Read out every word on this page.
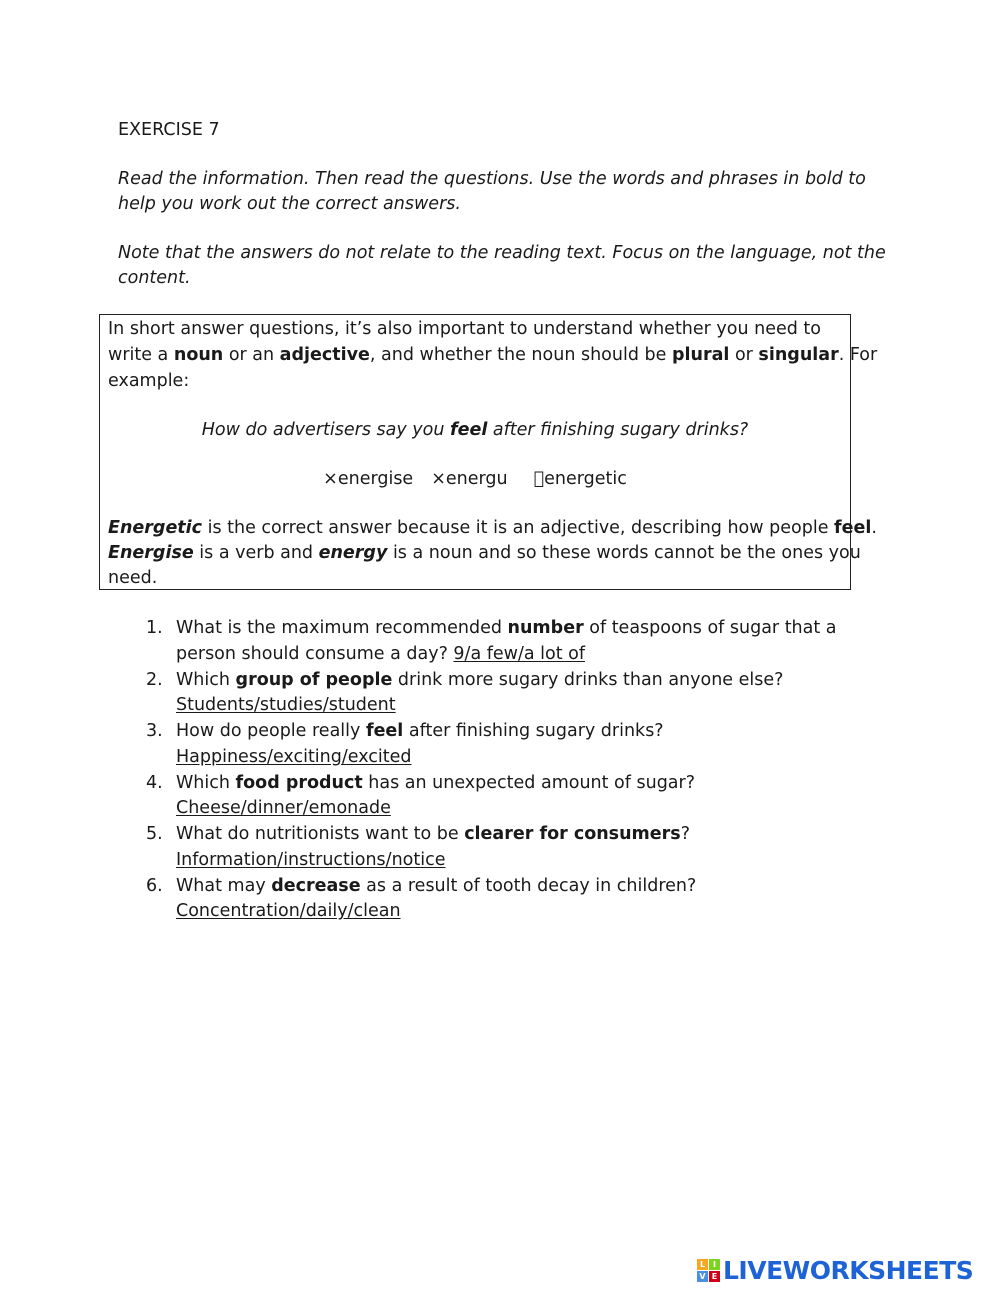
EXERCISE 7
Read the information. Then read the questions. Use the words and phrases in bold to
help you work out the correct answers.
Note that the answers do not relate to the reading text. Focus on the language, not the
content.
In short answer questions, it’s also important to understand whether you need to
write a noun or an adjective, and whether the noun should be plural or singular. For
example:
How do advertisers say you feel after finishing sugary drinks?
×energise ×energu  energetic
Energetic is the correct answer because it is an adjective, describing how people feel.
Energise is a verb and energy is a noun and so these words cannot be the ones you
need.
1. What is the maximum recommended number of teaspoons of sugar that a
person should consume a day? 9/a few/a lot of
2. Which group of people drink more sugary drinks than anyone else?
Students/studies/student
3. How do people really feel after finishing sugary drinks?
Happiness/exciting/excited
4. Which food product has an unexpected amount of sugar?
Cheese/dinner/emonade
5. What do nutritionists want to be clearer for consumers?
Information/instructions/notice
6. What may decrease as a result of tooth decay in children?
Concentration/daily/clean
L I
V E LIVEWORKSHEETS
